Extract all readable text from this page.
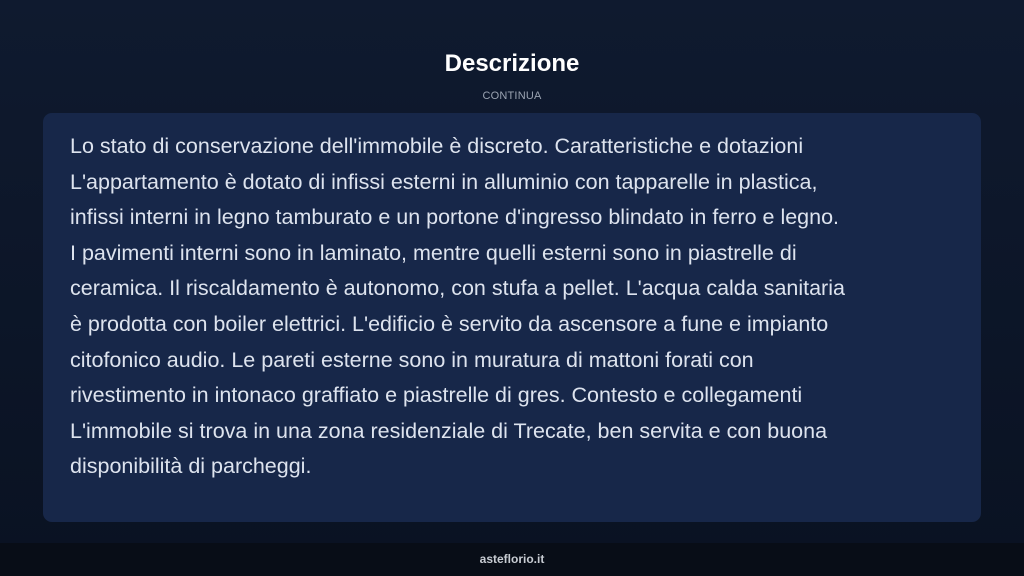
Descrizione
CONTINUA

Lo stato di conservazione dell'immobile è discreto. Caratteristiche e dotazioni
L'appartamento è dotato di infissi esterni in alluminio con tapparelle in plastica,
infissi interni in legno tamburato e un portone d'ingresso blindato in ferro e legno.
I pavimenti interni sono in laminato, mentre quelli esterni sono in piastrelle di
ceramica. Il riscaldamento è autonomo, con stufa a pellet. L'acqua calda sanitaria
è prodotta con boiler elettrici. L'edificio è servito da ascensore a fune e impianto
citofonico audio. Le pareti esterne sono in muratura di mattoni forati con
rivestimento in intonaco graffiato e piastrelle di gres. Contesto e collegamenti
L'immobile si trova in una zona residenziale di Trecate, ben servita e con buona
disponibilità di parcheggi.

asteflorio.it
